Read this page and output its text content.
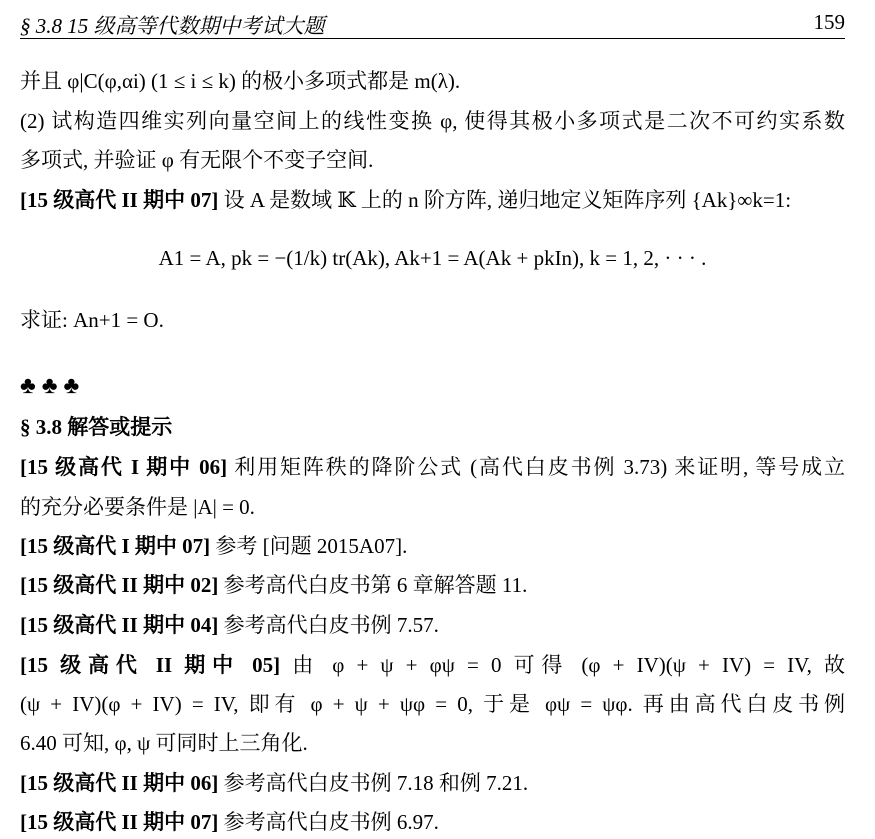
§ 3.8 15 级高等代数期中考试大题	159
并且 φ|C(φ,αi) (1 ≤ i ≤ k) 的极小多项式都是 m(λ).
(2) 试构造四维实列向量空间上的线性变换 φ, 使得其极小多项式是二次不可约实系数
多项式, 并验证 φ 有无限个不变子空间.
[15 级高代 II 期中 07] 设 A 是数域 𝕂 上的 n 阶方阵, 递归地定义矩阵序列 {Ak}∞k=1:
A1 = A, pk = −(1/k) tr(Ak), Ak+1 = A(Ak + pkIn), k = 1, 2, · · · .
求证: An+1 = O.
♣♣♣
§ 3.8 解答或提示
[15 级高代 I 期中 06] 利用矩阵秩的降阶公式 (高代白皮书例 3.73) 来证明, 等号成立
的充分必要条件是 |A| = 0.
[15 级高代 I 期中 07] 参考 [问题 2015A07].
[15 级高代 II 期中 02] 参考高代白皮书第 6 章解答题 11.
[15 级高代 II 期中 04] 参考高代白皮书例 7.57.
[15 级高代 II 期中 05] 由 φ + ψ + φψ = 0 可得 (φ + IV)(ψ + IV) = IV, 故
(ψ + IV)(φ + IV) = IV, 即有 φ + ψ + ψφ = 0, 于是 φψ = ψφ. 再由高代白皮书例
6.40 可知, φ, ψ 可同时上三角化.
[15 级高代 II 期中 06] 参考高代白皮书例 7.18 和例 7.21.
[15 级高代 II 期中 07] 参考高代白皮书例 6.97.
